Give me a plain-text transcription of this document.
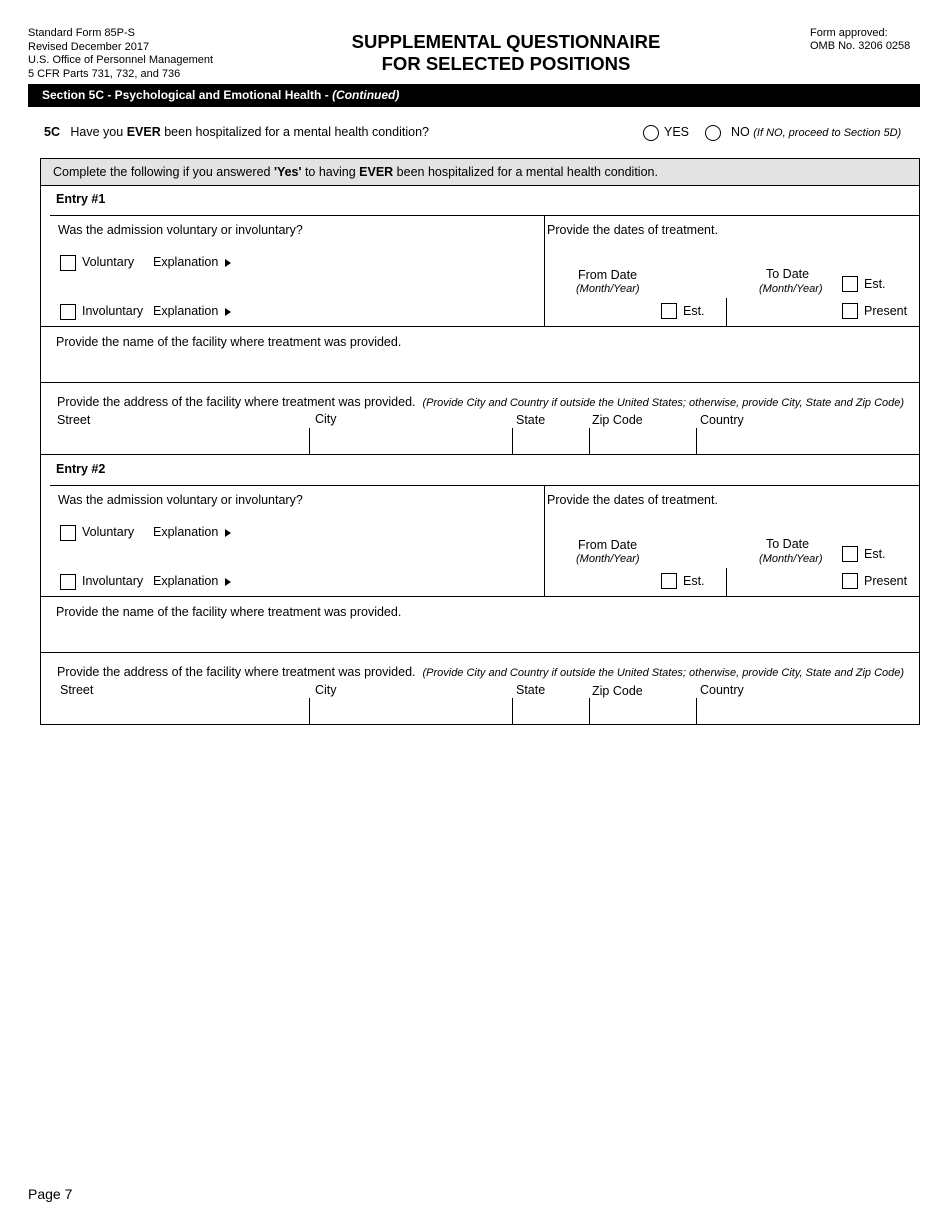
Standard Form 85P-S
Revised December 2017
U.S. Office of Personnel Management
5 CFR Parts 731, 732, and 736
SUPPLEMENTAL QUESTIONNAIRE
FOR SELECTED POSITIONS
Form approved:
OMB No. 3206 0258
Section 5C - Psychological and Emotional Health - (Continued)
5C Have you EVER been hospitalized for a mental health condition?	YES	NO (If NO, proceed to Section 5D)
Complete the following if you answered 'Yes' to having EVER been hospitalized for a mental health condition.
Entry #1
Was the admission voluntary or involuntary?
Voluntary Explanation
Involuntary Explanation
Provide the dates of treatment.
From Date
(Month/Year)
To Date
(Month/Year)	Est.
Est.	Present
Provide the name of the facility where treatment was provided.
Provide the address of the facility where treatment was provided. (Provide City and Country if outside the United States; otherwise, provide City, State and Zip Code)
Street	City	State	Zip Code	Country
Entry #2
Was the admission voluntary or involuntary?
Voluntary Explanation
Involuntary Explanation
Provide the dates of treatment.
From Date
(Month/Year)
To Date
(Month/Year)	Est.
Est.	Present
Provide the name of the facility where treatment was provided.
Provide the address of the facility where treatment was provided. (Provide City and Country if outside the United States; otherwise, provide City, State and Zip Code)
Street	City	State	Zip Code	Country
Page 7
